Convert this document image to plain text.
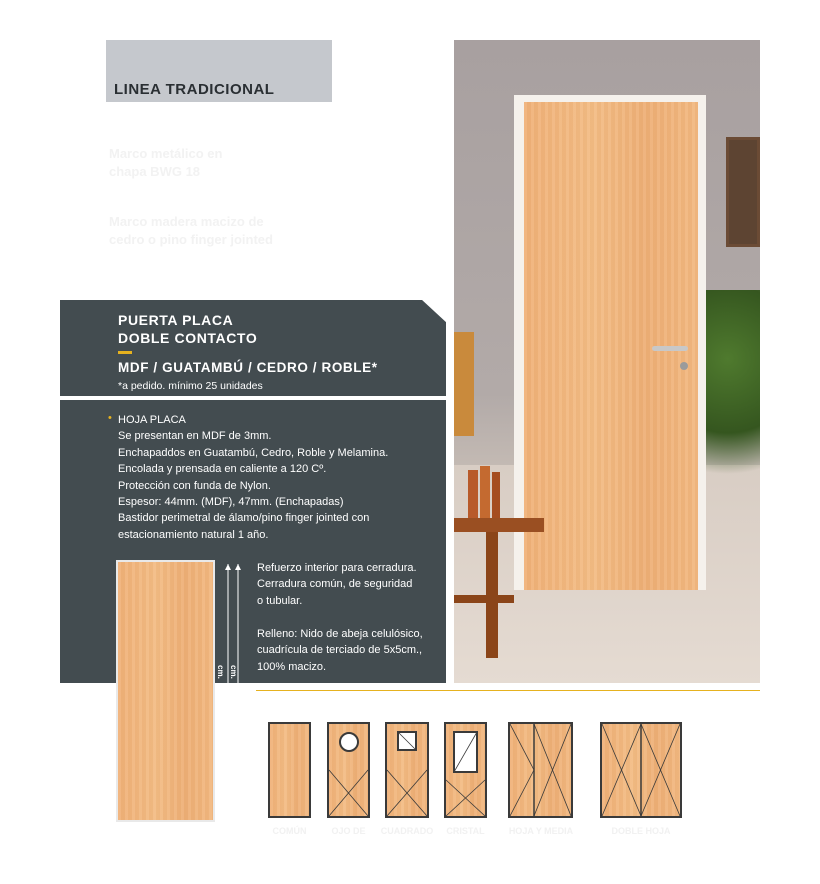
LINEA TRADICIONAL
Marco metálico en
chapa BWG 18
Marco madera macizo de
cedro o pino finger jointed
PUERTA PLACA
DOBLE CONTACTO
MDF / GUATAMBÚ / CEDRO / ROBLE*
*a pedido. mínimo 25 unidades
• HOJA PLACA
Se presentan en MDF de 3mm.
Enchapaddos en Guatambú, Cedro, Roble y Melamina.
Encolada y prensada en caliente a 120 Cº.
Protección con funda de Nylon.
Espesor: 44mm. (MDF), 47mm. (Enchapadas)
Bastidor perimetral de álamo/pino finger jointed con
estacionamiento natural 1 año.
Refuerzo interior para cerradura.
Cerradura común, de seguridad
o tubular.
Relleno: Nido de abeja celulósico,
cuadrícula de terciado de 5x5cm.,
100% macizo.
cm. cm.
COMÚN	OJO DE	CUADRADO	CRISTAL	HOJA Y MEDIA	DOBLE HOJA
